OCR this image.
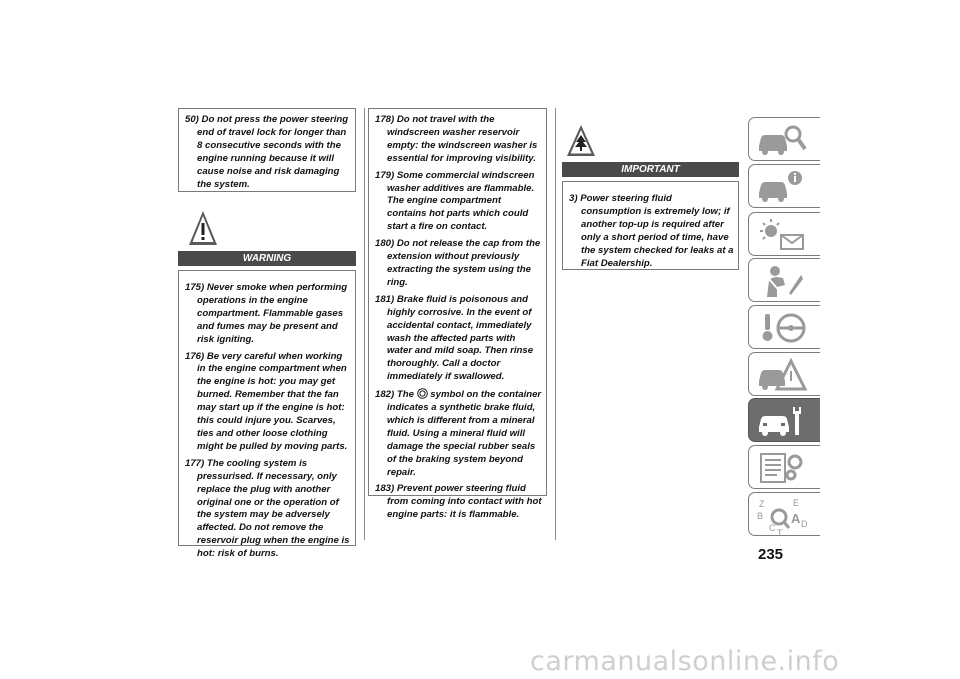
50) Do not press the power steering end of travel lock for longer than 8 consecutive seconds with the engine running because it will cause noise and risk damaging the system.

WARNING

175) Never smoke when performing operations in the engine compartment. Flammable gases and fumes may be present and risk igniting.

176) Be very careful when working in the engine compartment when the engine is hot: you may get burned. Remember that the fan may start up if the engine is hot: this could injure you. Scarves, ties and other loose clothing might be pulled by moving parts.

177) The cooling system is pressurised. If necessary, only replace the plug with another original one or the operation of the system may be adversely affected. Do not remove the reservoir plug when the engine is hot: risk of burns.

178) Do not travel with the windscreen washer reservoir empty: the windscreen washer is essential for improving visibility.

179) Some commercial windscreen washer additives are flammable. The engine compartment contains hot parts which could start a fire on contact.

180) Do not release the cap from the extension without previously extracting the system using the ring.

181) Brake fluid is poisonous and highly corrosive. In the event of accidental contact, immediately wash the affected parts with water and mild soap. Then rinse thoroughly. Call a doctor immediately if swallowed.

182) The symbol on the container indicates a synthetic brake fluid, which is different from a mineral fluid. Using a mineral fluid will damage the special rubber seals of the braking system beyond repair.

183) Prevent power steering fluid from coming into contact with hot engine parts: it is flammable.

IMPORTANT

3) Power steering fluid consumption is extremely low; if another top-up is required after only a short period of time, have the system checked for leaks at a Fiat Dealership.

Z	E
B
D
C T
A
235
carmanualsonline.info
